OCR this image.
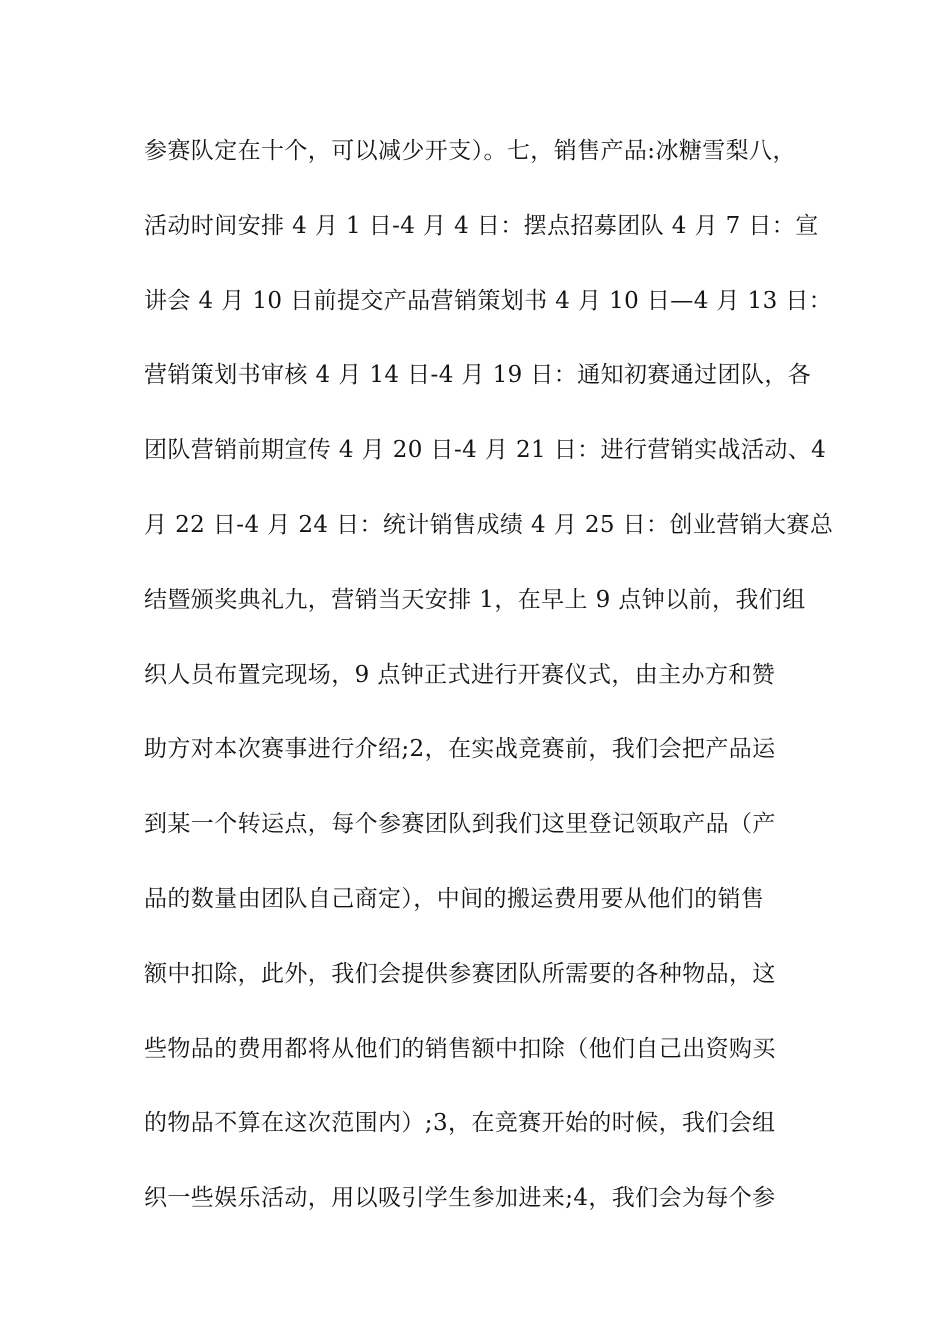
参赛队定在十个，可以减少开支）。七，销售产品:冰糖雪梨八，
活动时间安排 4 月 1 日-4 月 4 日：摆点招募团队 4 月 7 日：宣
讲会 4 月 10 日前提交产品营销策划书 4 月 10 日—4 月 13 日：
营销策划书审核 4 月 14 日-4 月 19 日：通知初赛通过团队，各
团队营销前期宣传 4 月 20 日-4 月 21 日：进行营销实战活动、4
月 22 日-4 月 24 日：统计销售成绩 4 月 25 日：创业营销大赛总
结暨颁奖典礼九，营销当天安排 1，在早上 9 点钟以前，我们组
织人员布置完现场，9 点钟正式进行开赛仪式，由主办方和赞
助方对本次赛事进行介绍;2，在实战竞赛前，我们会把产品运
到某一个转运点，每个参赛团队到我们这里登记领取产品（产
品的数量由团队自己商定），中间的搬运费用要从他们的销售
额中扣除，此外，我们会提供参赛团队所需要的各种物品，这
些物品的费用都将从他们的销售额中扣除（他们自己出资购买
的物品不算在这次范围内）;3，在竞赛开始的时候，我们会组
织一些娱乐活动，用以吸引学生参加进来;4，我们会为每个参
